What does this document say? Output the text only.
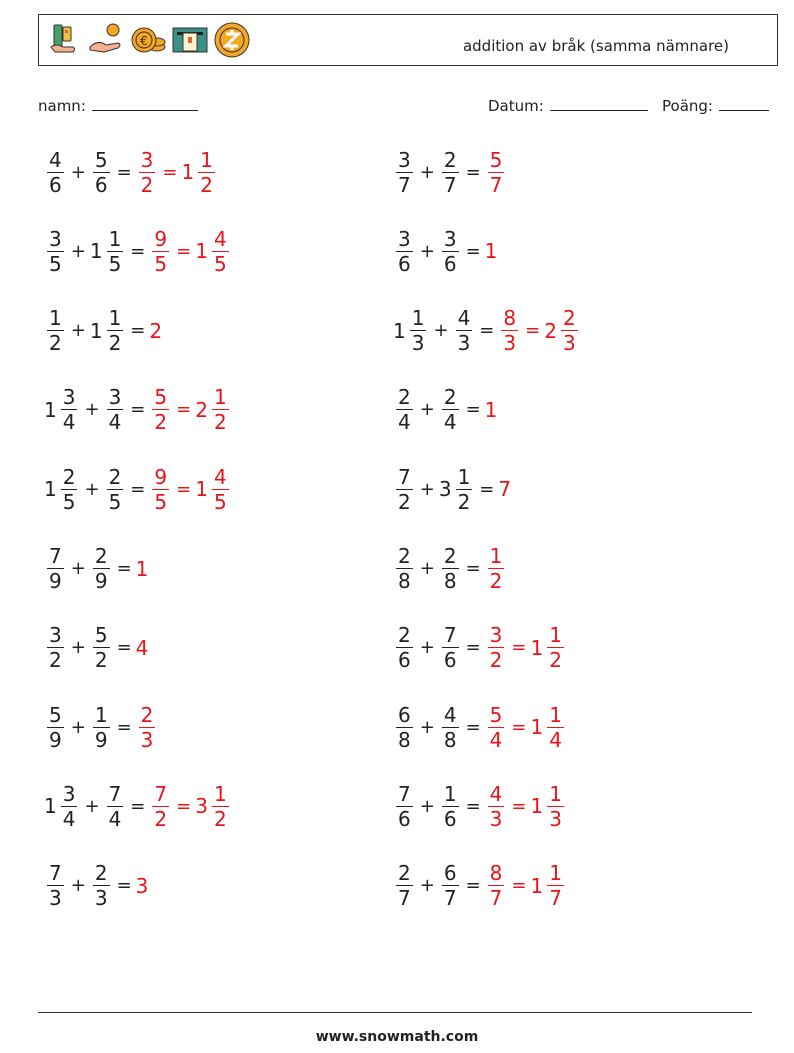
€	addition av bråk (samma nämnare)
namn:	Datum:	Poäng:
$\frac{4}{6} + \frac{5}{6} = \frac{3}{2} = 1 \frac{1}{2}$	$\frac{3}{7} + \frac{2}{7} = \frac{5}{7}$
$\frac{3}{5} + 1 \frac{1}{5} = \frac{9}{5} = 1 \frac{4}{5}$	$\frac{3}{6} + \frac{3}{6} = 1$
$\frac{1}{2} + 1 \frac{1}{2} = 2$	$1 \frac{1}{3} + \frac{4}{3} = \frac{8}{3} = 2 \frac{2}{3}$
$1 \frac{3}{4} + \frac{3}{4} = \frac{5}{2} = 2 \frac{1}{2}$	$\frac{2}{4} + \frac{2}{4} = 1$
$1 \frac{2}{5} + \frac{2}{5} = \frac{9}{5} = 1 \frac{4}{5}$	$\frac{7}{2} + 3 \frac{1}{2} = 7$
$\frac{7}{9} + \frac{2}{9} = 1$	$\frac{2}{8} + \frac{2}{8} = \frac{1}{2}$
$\frac{3}{2} + \frac{5}{2} = 4$	$\frac{2}{6} + \frac{7}{6} = \frac{3}{2} = 1 \frac{1}{2}$
$\frac{5}{9} + \frac{1}{9} = \frac{2}{3}$	$\frac{6}{8} + \frac{4}{8} = \frac{5}{4} = 1 \frac{1}{4}$
$1 \frac{3}{4} + \frac{7}{4} = \frac{7}{2} = 3 \frac{1}{2}$	$\frac{7}{6} + \frac{1}{6} = \frac{4}{3} = 1 \frac{1}{3}$
$\frac{7}{3} + \frac{2}{3} = 3$	$\frac{2}{7} + \frac{6}{7} = \frac{8}{7} = 1 \frac{1}{7}$
www.snowmath.com
